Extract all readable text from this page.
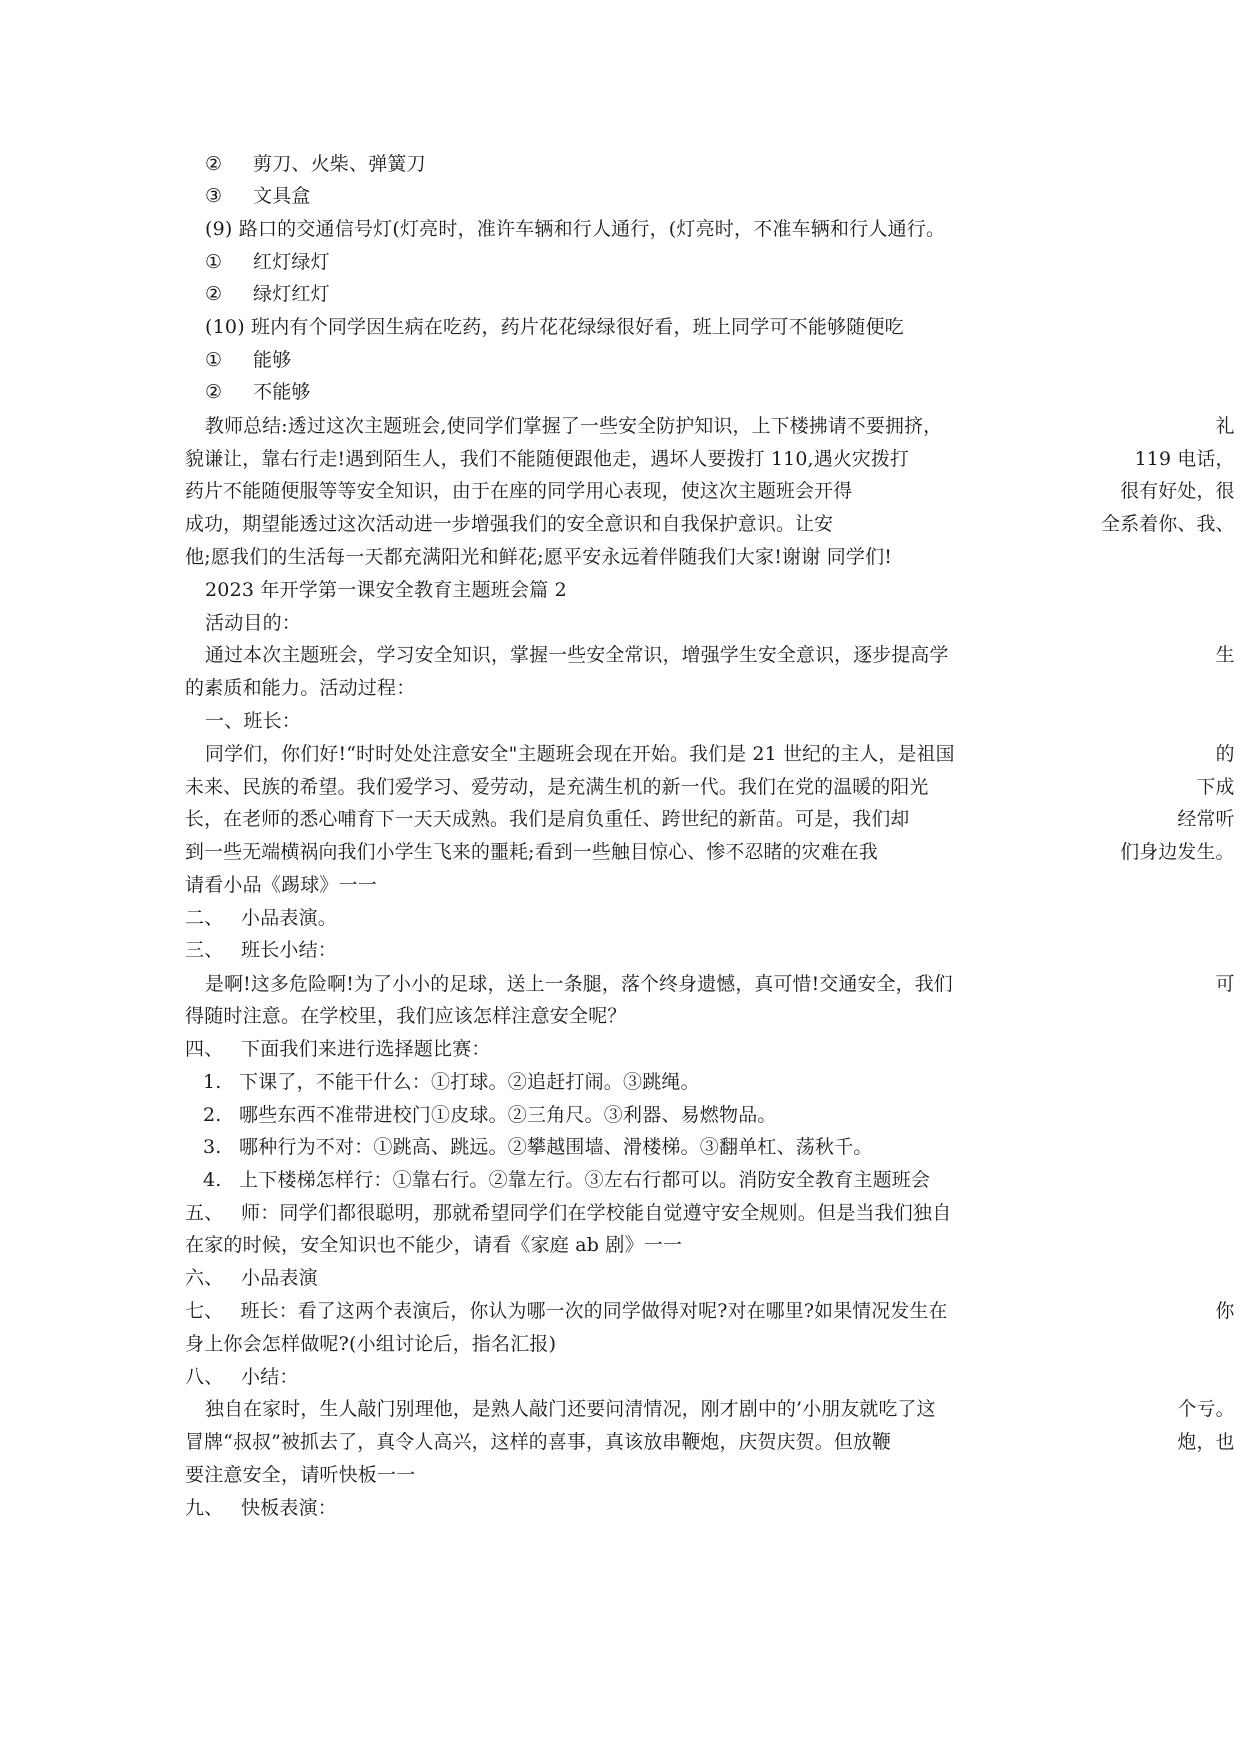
② 剪刀、火柴、弹簧刀
③ 文具盒
(9) 路口的交通信号灯(灯亮时，准许车辆和行人通行，(灯亮时，不准车辆和行人通行。
① 红灯绿灯
② 绿灯红灯
(10) 班内有个同学因生病在吃药，药片花花绿绿很好看，班上同学可不能够随便吃
① 能够
② 不能够
教师总结:透过这次主题班会,使同学们掌握了一些安全防护知识，上下楼拂请不要拥挤，	礼
貌谦让，靠右行走!遇到陌生人，我们不能随便跟他走，遇坏人要拨打 110,遇火灾拨打	119 电话，
药片不能随便服等等安全知识，由于在座的同学用心表现，使这次主题班会开得	很有好处，很
成功，期望能透过这次活动进一步增强我们的安全意识和自我保护意识。让安	全系着你、我、
他;愿我们的生活每一天都充满阳光和鲜花;愿平安永远着伴随我们大家!谢谢 同学们!
2023 年开学第一课安全教育主题班会篇 2
活动目的：
通过本次主题班会，学习安全知识，掌握一些安全常识，增强学生安全意识，逐步提高学	生
的素质和能力。活动过程：
一、班长：
同学们，你们好!“时时处处注意安全"主题班会现在开始。我们是 21 世纪的主人，是祖国	的
未来、民族的希望。我们爱学习、爱劳动，是充满生机的新一代。我们在党的温暖的阳光	下成
长，在老师的悉心哺育下一天天成熟。我们是肩负重任、跨世纪的新苗。可是，我们却	经常听
到一些无端横祸向我们小学生飞来的噩耗;看到一些触目惊心、惨不忍睹的灾难在我	们身边发生。
请看小品《踢球》一一
二、 小品表演。
三、 班长小结：
是啊!这多危险啊!为了小小的足球，送上一条腿，落个终身遗憾，真可惜!交通安全，我们	可
得随时注意。在学校里，我们应该怎样注意安全呢？
四、 下面我们来进行选择题比赛：
1. 下课了，不能干什么：①打球。②追赶打闹。③跳绳。
2. 哪些东西不准带进校门①皮球。②三角尺。③利器、易燃物品。
3. 哪种行为不对：①跳高、跳远。②攀越围墙、滑楼梯。③翻单杠、荡秋千。
4. 上下楼梯怎样行：①靠右行。②靠左行。③左右行都可以。消防安全教育主题班会
五、 师：同学们都很聪明，那就希望同学们在学校能自觉遵守安全规则。但是当我们独自
在家的时候，安全知识也不能少，请看《家庭 ab 剧》一一
六、 小品表演
七、 班长：看了这两个表演后，你认为哪一次的同学做得对呢?对在哪里?如果情况发生在	你
身上你会怎样做呢?(小组讨论后，指名汇报)
八、 小结：
独自在家时，生人敲门别理他，是熟人敲门还要问清情况，刚才剧中的’小朋友就吃了这	个亏。
冒牌“叔叔”被抓去了，真令人高兴，这样的喜事，真该放串鞭炮，庆贺庆贺。但放鞭	炮，也
要注意安全，请听快板一一
九、 快板表演：
